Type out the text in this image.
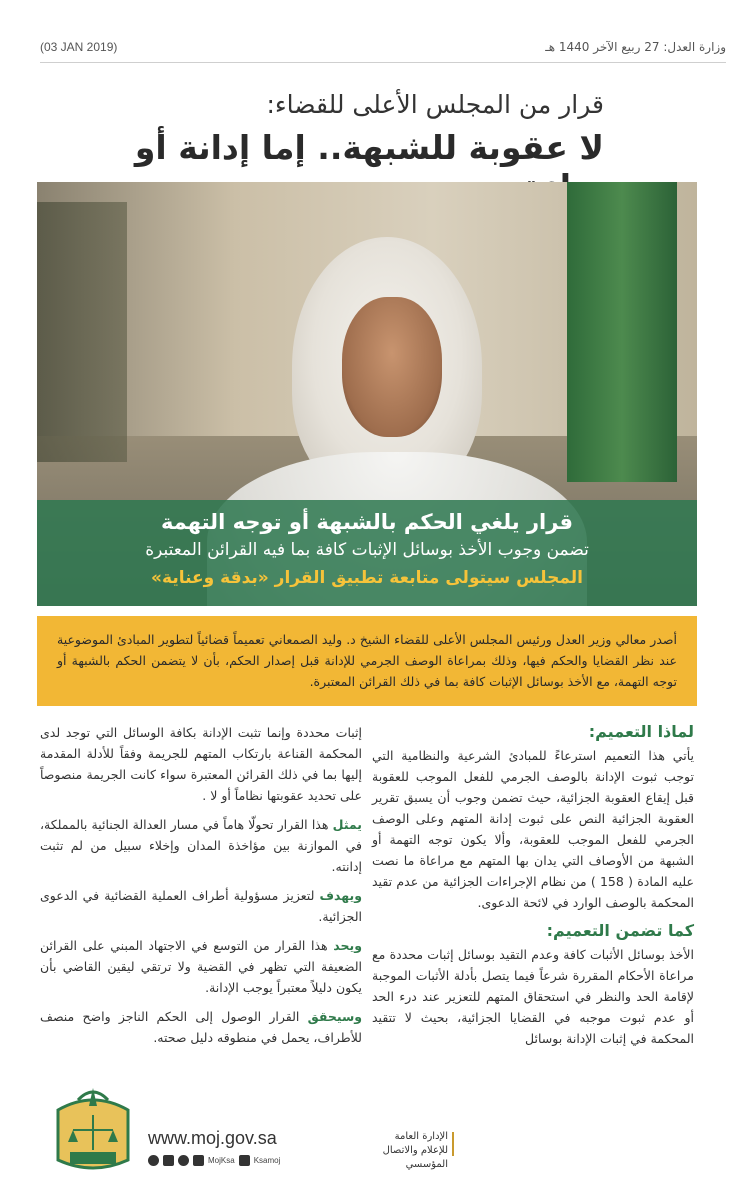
وزارة العدل: 27 ربيع الآخر 1440 هـ
(03 JAN 2019)
قرار من المجلس الأعلى للقضاء:
لا عقوبة للشبهة.. إما إدانة أو
قرار يلغي الحكم بالشبهة أو توجه التهمة
تضمن وجوب الأخذ بوسائل الإثبات كافة بما فيه القرائن المعتبرة
المجلس سيتولى متابعة تطبيق القرار «بدقة وعناية»
أصدر معالي وزير العدل ورئيس المجلس الأعلى للقضاء الشيخ د. وليد الصمعاني تعميماً قضائياً لتطوير المبادئ الموضوعية عند نظر القضايا والحكم فيها، وذلك بمراعاة الوصف الجرمي للإدانة قبل إصدار الحكم، بأن لا يتضمن الحكم بالشبهة أو توجه التهمة، مع الأخذ بوسائل الإثبات كافة بما في ذلك القرائن المعتبرة.
لماذا التعميم:
يأتي هذا التعميم استرعاءً للمبادئ الشرعية والنظامية التي توجب ثبوت الإدانة بالوصف الجرمي للفعل الموجب للعقوبة قبل إيقاع العقوبة الجزائية، حيث تضمن وجوب أن يسبق تقرير العقوبة الجزائية النص على ثبوت إدانة المتهم وعلى الوصف الجرمي للفعل الموجب للعقوبة، وألا يكون توجه التهمة أو الشبهة من الأوصاف التي يدان بها المتهم مع مراعاة ما نصت عليه المادة ( 158 ) من نظام الإجراءات الجزائية من عدم تقيد المحكمة بالوصف الوارد في لائحة الدعوى.
كما تضمن التعميم:
الأخذ بوسائل الأثبات كافة وعدم التقيد بوسائل إثبات محددة مع مراعاة الأحكام المقررة شرعاً فيما يتصل بأدلة الأثبات الموجبة لإقامة الحد والنظر في استحقاق المتهم للتعزير عند درء الحد أو عدم ثبوت موجبه في القضايا الجزائية، بحيث لا تتقيد المحكمة في إثبات الإدانة بوسائل
إثبات محددة وإنما تثبت الإدانة بكافة الوسائل التي توجد لدى المحكمة القناعة بارتكاب المتهم للجريمة وفقاً للأدلة المقدمة إليها بما في ذلك القرائن المعتبرة سواء كانت الجريمة منصوصاً على تحديد عقوبتها نظاماً أو لا .
يمثل هذا القرار تحولّا هاماً في مسار العدالة الجنائية بالمملكة، في الموازنة بين مؤاخذة المدان وإخلاء سبيل من لم تثبت إدانته.
ويهدف لتعزيز مسؤولية أطراف العملية القضائية في الدعوى الجزائية.
ويحد هذا القرار من التوسع في الاجتهاد المبني على القرائن الضعيفة التي تظهر في القضية ولا ترتقي ليقين القاضي بأن يكون دليلاً معتبراً يوجب الإدانة.
وسيحقق القرار الوصول إلى الحكم الناجز واضح منصف للأطراف، يحمل في منطوقه دليل صحته.
www.moj.gov.sa
MojKsa Ksamoj
الإدارة العامة للإعلام والاتصال المؤسسي
